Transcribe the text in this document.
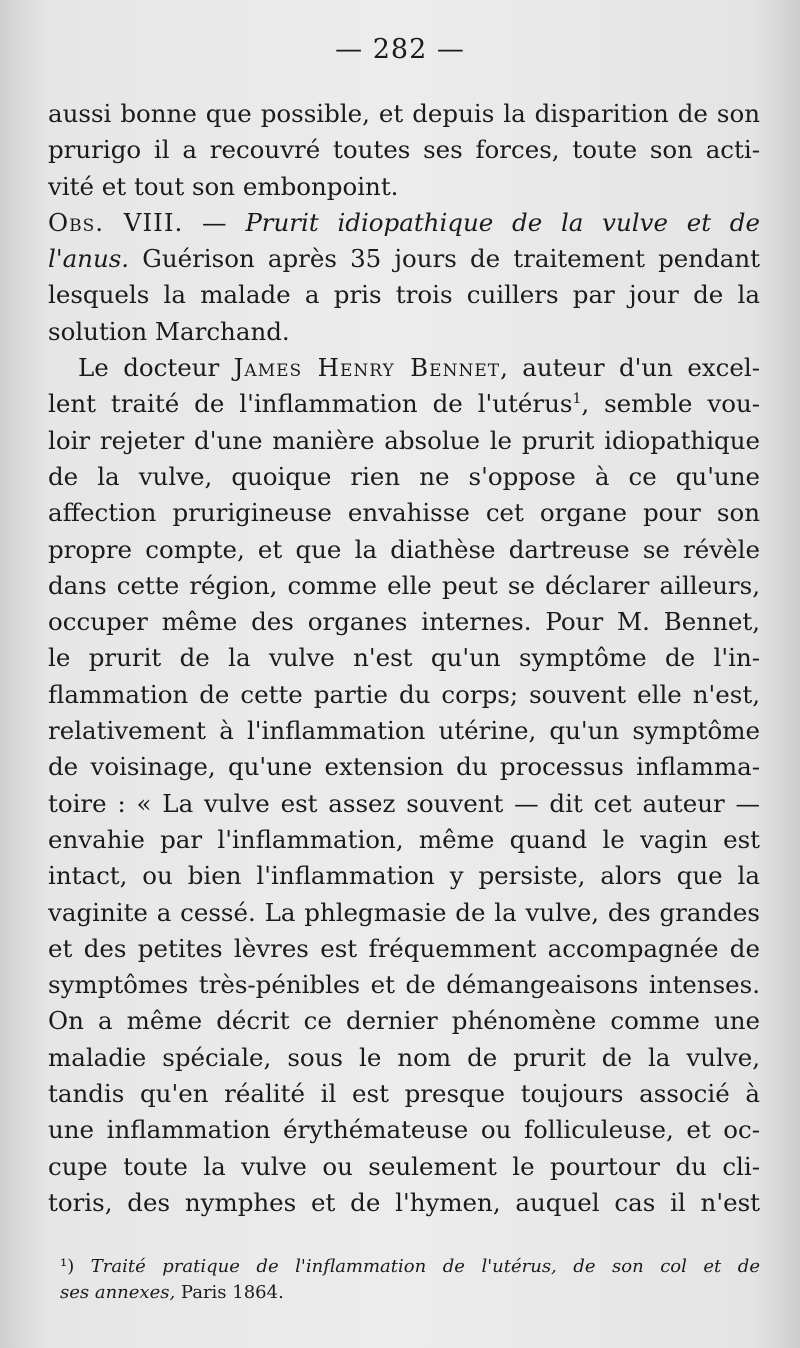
— 282 —
aussi bonne que possible, et depuis la disparition de son
prurigo il a recouvré toutes ses forces, toute son acti-
vité et tout son embonpoint.
Obs. VIII. — Prurit idiopathique de la vulve et de
l'anus. Guérison après 35 jours de traitement pendant
lesquels la malade a pris trois cuillers par jour de la
solution Marchand.
Le docteur James Henry Bennet, auteur d'un excel-
lent traité de l'inflammation de l'utérus$^1$, semble vou-
loir rejeter d'une manière absolue le prurit idiopathique
de la vulve, quoique rien ne s'oppose à ce qu'une
affection prurigineuse envahisse cet organe pour son
propre compte, et que la diathèse dartreuse se révèle
dans cette région, comme elle peut se déclarer ailleurs,
occuper même des organes internes. Pour M. Bennet,
le prurit de la vulve n'est qu'un symptôme de l'in-
flammation de cette partie du corps; souvent elle n'est,
relativement à l'inflammation utérine, qu'un symptôme
de voisinage, qu'une extension du processus inflamma-
toire : « La vulve est assez souvent — dit cet auteur —
envahie par l'inflammation, même quand le vagin est
intact, ou bien l'inflammation y persiste, alors que la
vaginite a cessé. La phlegmasie de la vulve, des grandes
et des petites lèvres est fréquemment accompagnée de
symptômes très-pénibles et de démangeaisons intenses.
On a même décrit ce dernier phénomène comme une
maladie spéciale, sous le nom de prurit de la vulve,
tandis qu'en réalité il est presque toujours associé à
une inflammation érythémateuse ou folliculeuse, et oc-
cupe toute la vulve ou seulement le pourtour du cli-
toris, des nymphes et de l'hymen, auquel cas il n'est
¹) Traité pratique de l'inflammation de l'utérus, de son col et de
ses annexes, Paris 1864.
